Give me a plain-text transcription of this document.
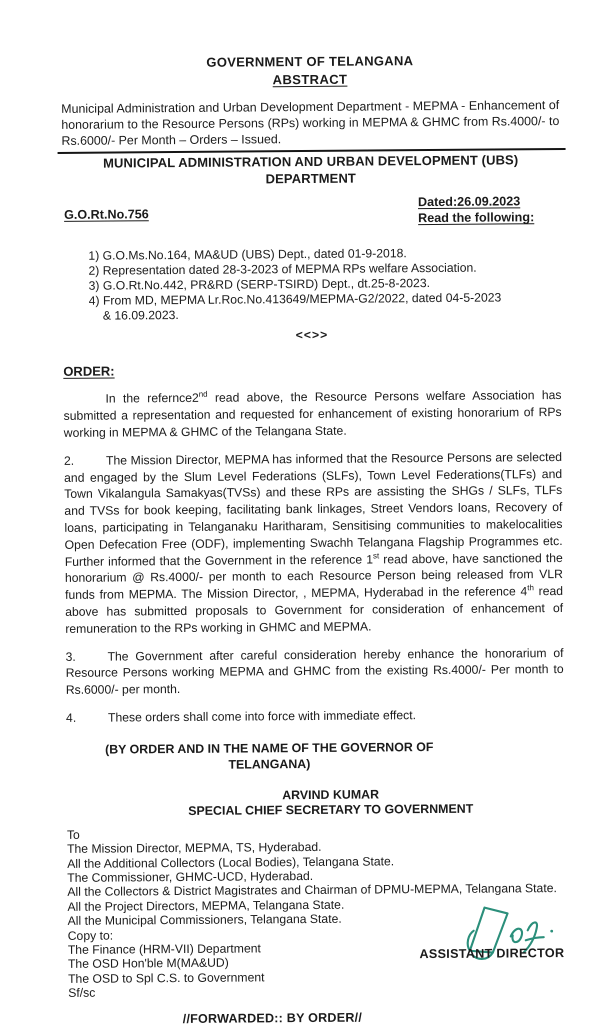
GOVERNMENT OF TELANGANA
ABSTRACT

Municipal Administration and Urban Development Department - MEPMA - Enhancement of honorarium to the Resource Persons (RPs) working in MEPMA & GHMC from Rs.4000/- to Rs.6000/- Per Month – Orders – Issued.

MUNICIPAL ADMINISTRATION AND URBAN DEVELOPMENT (UBS) DEPARTMENT
G.O.Rt.No.756
Dated:26.09.2023
Read the following:
1) G.O.Ms.No.164, MA&UD (UBS) Dept., dated 01-9-2018.
2) Representation dated 28-3-2023 of MEPMA RPs welfare Association.
3) G.O.Rt.No.442, PR&RD (SERP-TSIRD) Dept., dt.25-8-2023.
4) From MD, MEPMA Lr.Roc.No.413649/MEPMA-G2/2022, dated 04-5-2023 & 16.09.2023.
<<>>
ORDER:

In the refernce2nd read above, the Resource Persons welfare Association has submitted a representation and requested for enhancement of existing honorarium of RPs working in MEPMA & GHMC of the Telangana State.

2.	The Mission Director, MEPMA has informed that the Resource Persons are selected and engaged by the Slum Level Federations (SLFs), Town Level Federations(TLFs) and Town Vikalangula Samakyas(TVSs) and these RPs are assisting the SHGs / SLFs, TLFs and TVSs for book keeping, facilitating bank linkages, Street Vendors loans, Recovery of loans, participating in Telanganaku Haritharam, Sensitising communities to makelocalities Open Defecation Free (ODF), implementing Swachh Telangana Flagship Programmes etc. Further informed that the Government in the reference 1st read above, have sanctioned the honorarium @ Rs.4000/- per month to each Resource Person being released from VLR funds from MEPMA. The Mission Director, , MEPMA, Hyderabad in the reference 4th read above has submitted proposals to Government for consideration of enhancement of remuneration to the RPs working in GHMC and MEPMA.

3.	The Government after careful consideration hereby enhance the honorarium of Resource Persons working MEPMA and GHMC from the existing Rs.4000/- Per month to Rs.6000/- per month.

4.	These orders shall come into force with immediate effect.

(BY ORDER AND IN THE NAME OF THE GOVERNOR OF TELANGANA)
ARVIND KUMAR
SPECIAL CHIEF SECRETARY TO GOVERNMENT
To
The Mission Director, MEPMA, TS, Hyderabad.
All the Additional Collectors (Local Bodies), Telangana State.
The Commissioner, GHMC-UCD, Hyderabad.
All the Collectors & District Magistrates and Chairman of DPMU-MEPMA, Telangana State.
All the Project Directors, MEPMA, Telangana State.
All the Municipal Commissioners, Telangana State.
Copy to:
The Finance (HRM-VII) Department
The OSD Hon'ble M(MA&UD)
The OSD to Spl C.S. to Government
Sf/sc
//FORWARDED:: BY ORDER//
ASSISTANT DIRECTOR
